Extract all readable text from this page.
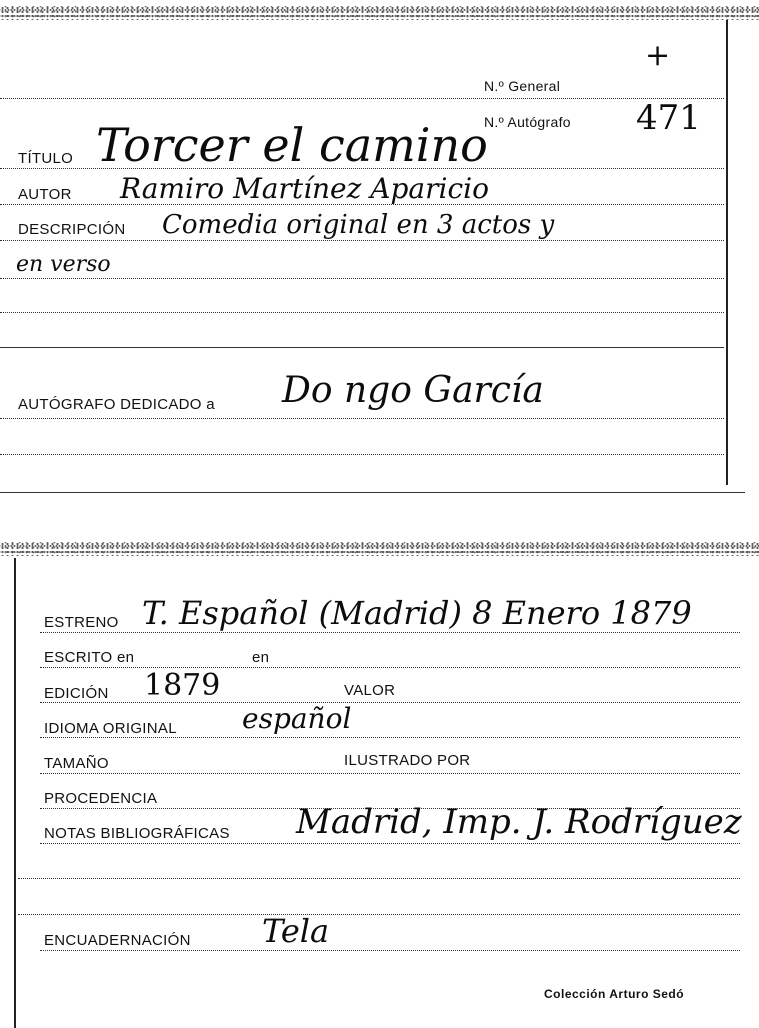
N.º General
+
N.º Autógrafo 471
TÍTULO Torcer el camino
AUTOR Ramiro Martínez Aparicio
DESCRIPCIÓN Comedia original en 3 actos y
en verso
AUTÓGRAFO DEDICADO a Do ngo García
ESTRENO T. Español (Madrid) 8 Enero 1879
ESCRITO en	en
EDICIÓN 1879	VALOR
IDIOMA ORIGINAL español
TAMAÑO	ILUSTRADO POR
PROCEDENCIA
NOTAS BIBLIOGRÁFICAS Madrid, Imp. J. Rodríguez
ENCUADERNACIÓN Tela
Colección Arturo Sedó
